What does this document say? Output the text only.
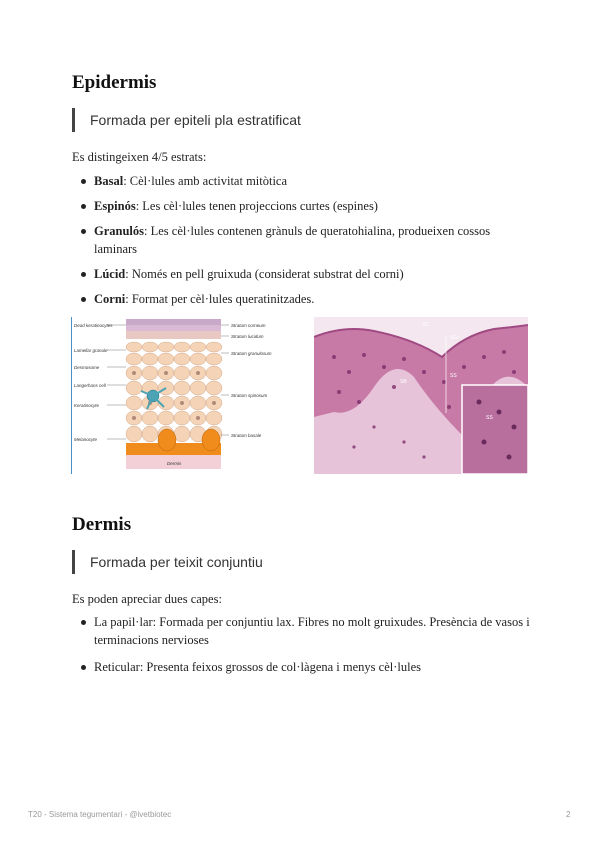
Epidermis
Formada per epiteli pla estratificat
Es distingeixen 4/5 estrats:
Basal: Cèl·lules amb activitat mitòtica
Espinós: Les cèl·lules tenen projeccions curtes (espines)
Granulós: Les cèl·lules contenen grànuls de queratohialina, produeixen cossos laminars
Lúcid: Només en pell gruixuda (considerat substrat del corni)
Corni: Format per cèl·lules queratinitzades.
Dead keratinocytes
Lamellar granule
Desmosome
Langerhans cell
Keratinocyte
Melanocyte
Stratum corneum
Stratum lucidum
Stratum granulosum
Stratum spinosum
Stratum basale
Dermis
SC
SGr
SS
SB
SS
Dermis
Formada per teixit conjuntiu
Es poden apreciar dues capes:
La papil·lar: Formada per conjuntiu lax. Fibres no molt gruixudes. Presència de vasos i terminacions nervioses
Reticular: Presenta feixos grossos de col·làgena i menys cèl·lules
T20 - Sistema tegumentari - @ivetbiotec	2
